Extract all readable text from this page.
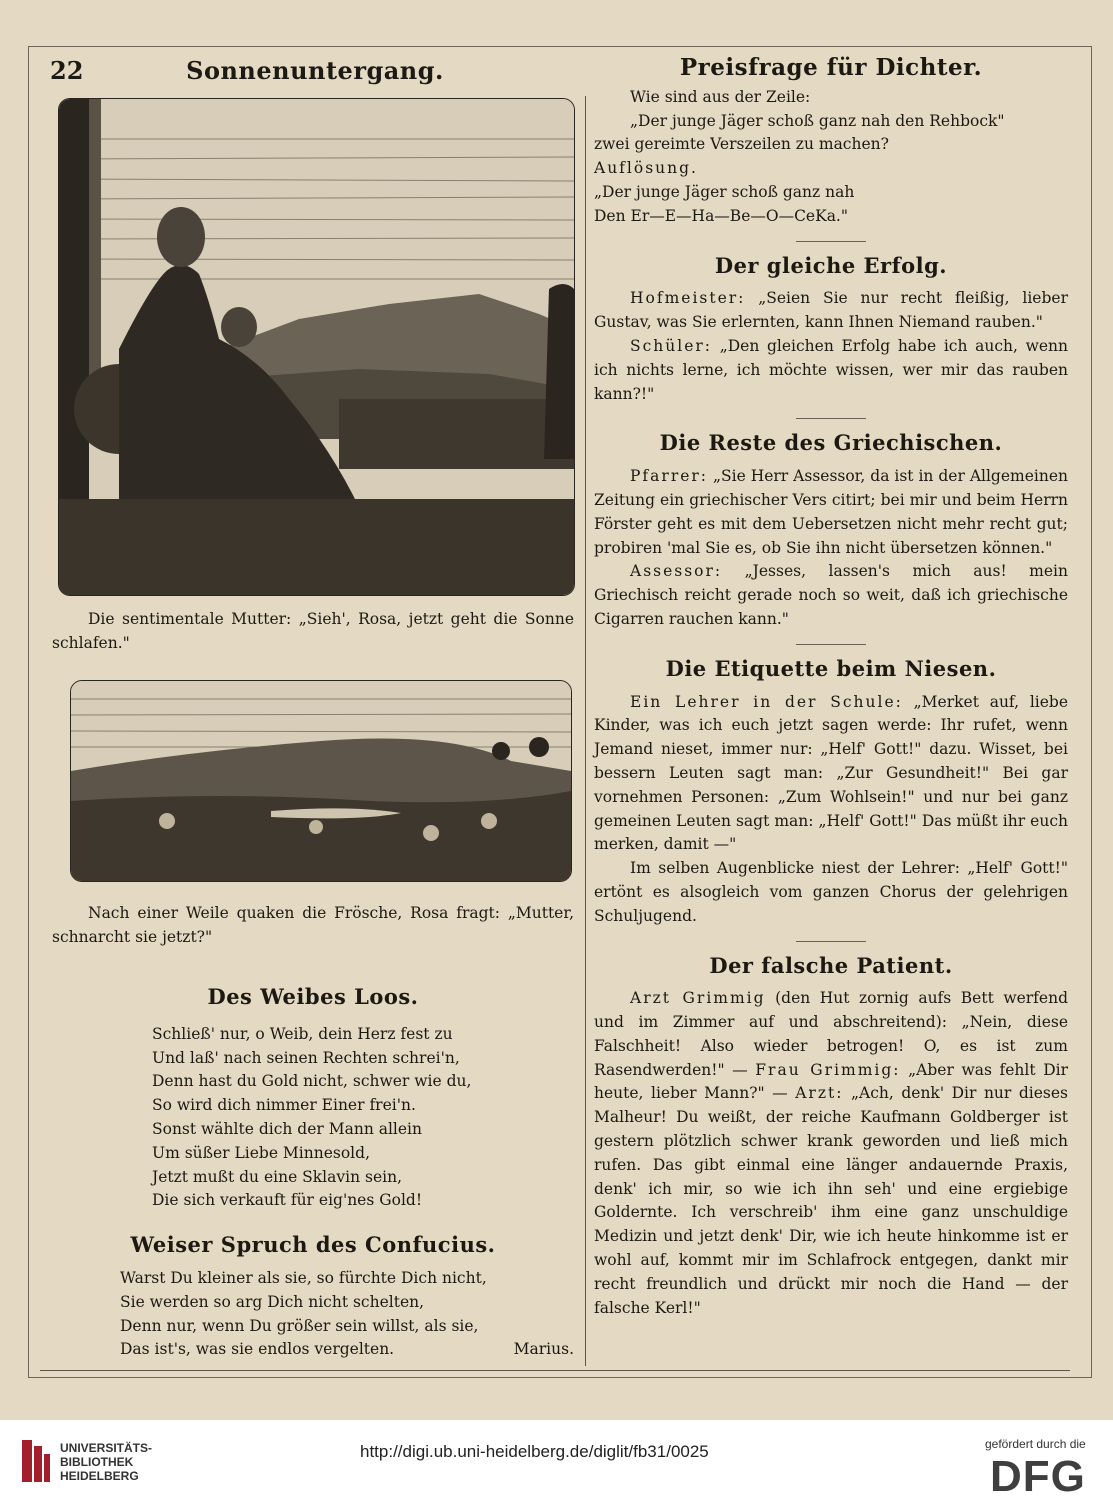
22	Sonnenuntergang.
Die sentimentale Mutter: „Sieh', Rosa, jetzt geht die Sonne schlafen."
Nach einer Weile quaken die Frösche, Rosa fragt: „Mutter, schnarcht sie jetzt?"
Des Weibes Loos.

Schließ' nur, o Weib, dein Herz fest zu

Und laß' nach seinen Rechten schrei'n,

Denn hast du Gold nicht, schwer wie du,

So wird dich nimmer Einer frei'n.

Sonst wählte dich der Mann allein

Um süßer Liebe Minnesold,

Jetzt mußt du eine Sklavin sein,

Die sich verkauft für eig'nes Gold!

Weiser Spruch des Confucius.

Warst Du kleiner als sie, so fürchte Dich nicht,

Sie werden so arg Dich nicht schelten,

Denn nur, wenn Du größer sein willst, als sie,

Das ist's, was sie endlos vergelten.	Marius.
Preisfrage für Dichter.

Wie sind aus der Zeile:

„Der junge Jäger schoß ganz nah den Rehbock"

zwei gereimte Verszeilen zu machen?

Auflösung.

„Der junge Jäger schoß ganz nah

Den Er—E—Ha—Be—O—CeKa."

Der gleiche Erfolg.

Hofmeister: „Seien Sie nur recht fleißig, lieber Gustav, was Sie erlernten, kann Ihnen Niemand rauben."

Schüler: „Den gleichen Erfolg habe ich auch, wenn ich nichts lerne, ich möchte wissen, wer mir das rauben kann?!"

Die Reste des Griechischen.

Pfarrer: „Sie Herr Assessor, da ist in der Allgemeinen Zeitung ein griechischer Vers citirt; bei mir und beim Herrn Förster geht es mit dem Uebersetzen nicht mehr recht gut; probiren 'mal Sie es, ob Sie ihn nicht übersetzen können."

Assessor: „Jesses, lassen's mich aus! mein Griechisch reicht gerade noch so weit, daß ich griechische Cigarren rauchen kann."

Die Etiquette beim Niesen.

Ein Lehrer in der Schule: „Merket auf, liebe Kinder, was ich euch jetzt sagen werde: Ihr rufet, wenn Jemand nieset, immer nur: „Helf' Gott!" dazu. Wisset, bei bessern Leuten sagt man: „Zur Gesundheit!" Bei gar vornehmen Personen: „Zum Wohlsein!" und nur bei ganz gemeinen Leuten sagt man: „Helf' Gott!" Das müßt ihr euch merken, damit —"

Im selben Augenblicke niest der Lehrer: „Helf' Gott!" ertönt es alsogleich vom ganzen Chorus der gelehrigen Schuljugend.

Der falsche Patient.

Arzt Grimmig (den Hut zornig aufs Bett werfend und im Zimmer auf und abschreitend): „Nein, diese Falschheit! Also wieder betrogen! O, es ist zum Rasendwerden!" — Frau Grimmig: „Aber was fehlt Dir heute, lieber Mann?" — Arzt: „Ach, denk' Dir nur dieses Malheur! Du weißt, der reiche Kaufmann Goldberger ist gestern plötzlich schwer krank geworden und ließ mich rufen. Das gibt einmal eine länger andauernde Praxis, denk' ich mir, so wie ich ihn seh' und eine ergiebige Goldernte. Ich verschreib' ihm eine ganz unschuldige Medizin und jetzt denk' Dir, wie ich heute hinkomme ist er wohl auf, kommt mir im Schlafrock entgegen, dankt mir recht freundlich und drückt mir noch die Hand — der falsche Kerl!"

UNIVERSITÄTS-
BIBLIOTHEK
HEIDELBERG
http://digi.ub.uni-heidelberg.de/diglit/fb31/0025	gefördert durch die
DFG
